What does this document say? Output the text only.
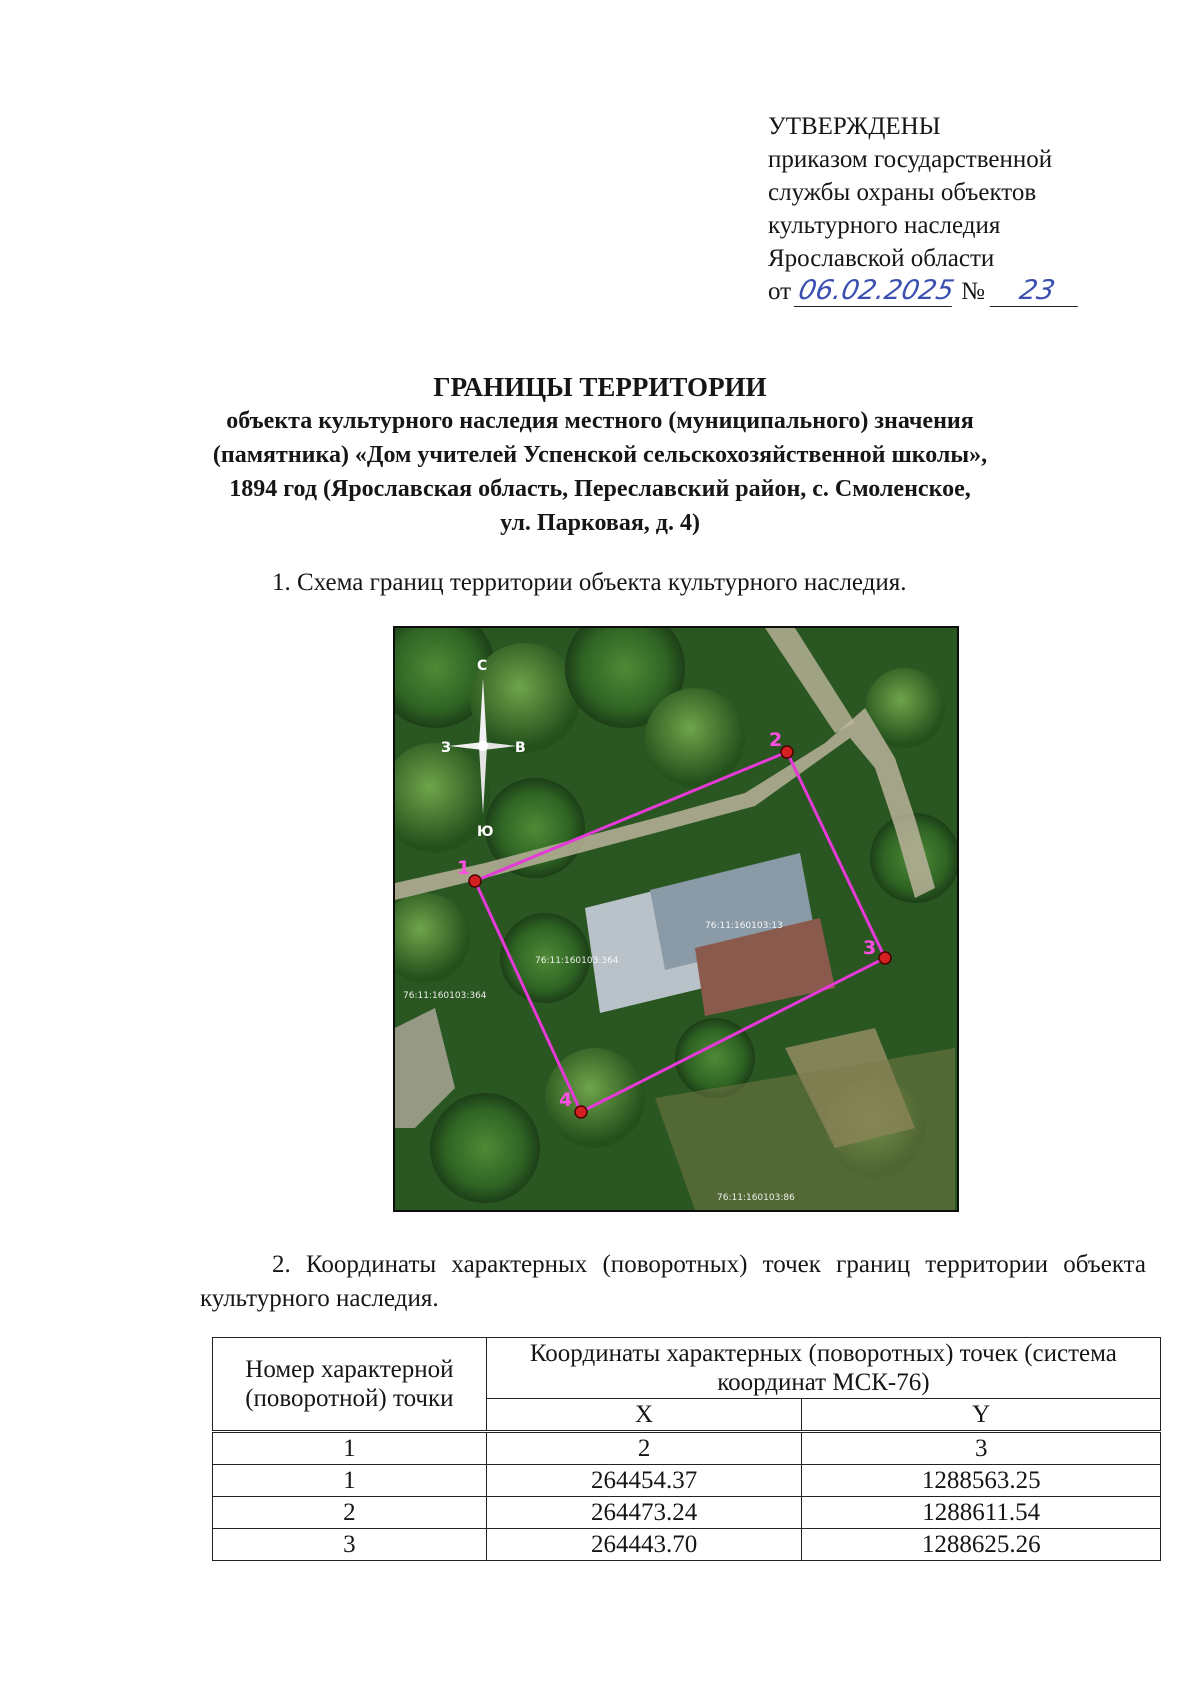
УТВЕРЖДЕНЫ
приказом государственной
службы охраны объектов
культурного наследия
Ярославской области
от 06.02.2025 № 23
ГРАНИЦЫ ТЕРРИТОРИИ
объекта культурного наследия местного (муниципального) значения
(памятника) «Дом учителей Успенской сельскохозяйственной школы»,
1894 год (Ярославская область, Переславский район, с. Смоленское,
ул. Парковая, д. 4)
1. Схема границ территории объекта культурного наследия.
С
Ю
З	В
76:11:160103:364
76:11:160103:364
76:11:160103:13
76:11:160103:86
1
2
3
4
2. Координаты характерных (поворотных) точек границ территории объекта культурного наследия.
Номер характерной (поворотной) точки	Координаты характерных (поворотных) точек (система координат МСК-76)	
	X	Y
1	2	3
1	264454.37	1288563.25
2	264473.24	1288611.54
3	264443.70	1288625.26
